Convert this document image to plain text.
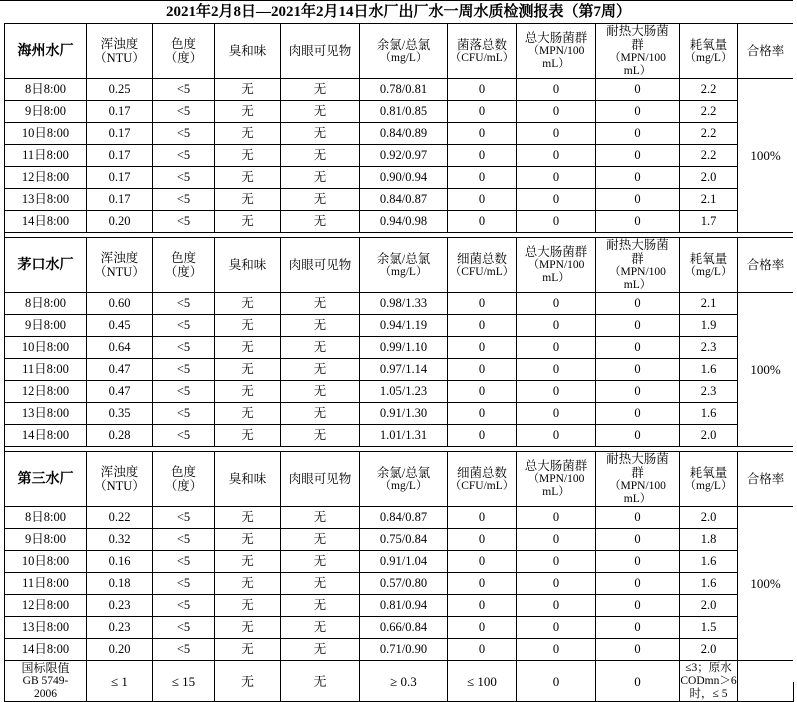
2021年2月8日—2021年2月14日水厂出厂水一周水质检测报表（第7周）
海州水厂	浑浊度
（NTU）	色度
（度）	臭和味	肉眼可见物	余氯/总氯
（mg/L）	菌落总数
（CFU/mL）	总大肠菌群
（MPN/100
mL）	耐热大肠菌
群
（MPN/100
mL）	耗氧量
（mg/L）	合格率

8日8:00	0.25	<5	无	无	0.78/0.81	0	0	0	2.2	100%
9日8:00	0.17	<5	无	无	0.81/0.85	0	0	0	2.2	
10日8:00	0.17	<5	无	无	0.84/0.89	0	0	0	2.2	
11日8:00	0.17	<5	无	无	0.92/0.97	0	0	0	2.2	
12日8:00	0.17	<5	无	无	0.90/0.94	0	0	0	2.0	
13日8:00	0.17	<5	无	无	0.84/0.87	0	0	0	2.1	
14日8:00	0.20	<5	无	无	0.94/0.98	0	0	0	1.7	

茅口水厂	浑浊度
（NTU）	色度
（度）	臭和味	肉眼可见物	余氯/总氯
（mg/L）	细菌总数
（CFU/mL）	总大肠菌群
（MPN/100
mL）	耐热大肠菌
群
（MPN/100
mL）	耗氧量
（mg/L）	合格率

8日8:00	0.60	<5	无	无	0.98/1.33	0	0	0	2.1	100%
9日8:00	0.45	<5	无	无	0.94/1.19	0	0	0	1.9	
10日8:00	0.64	<5	无	无	0.99/1.10	0	0	0	2.3	
11日8:00	0.47	<5	无	无	0.97/1.14	0	0	0	1.6	
12日8:00	0.47	<5	无	无	1.05/1.23	0	0	0	2.3	
13日8:00	0.35	<5	无	无	0.91/1.30	0	0	0	1.6	
14日8:00	0.28	<5	无	无	1.01/1.31	0	0	0	2.0	

第三水厂	浑浊度
（NTU）	色度
（度）	臭和味	肉眼可见物	余氯/总氯
（mg/L）	细菌总数
（CFU/mL）	总大肠菌群
（MPN/100
mL）	耐热大肠菌
群
（MPN/100
mL）	耗氧量
（mg/L）	合格率

8日8:00	0.22	<5	无	无	0.84/0.87	0	0	0	2.0	100%
9日8:00	0.32	<5	无	无	0.75/0.84	0	0	0	1.8	
10日8:00	0.16	<5	无	无	0.91/1.04	0	0	0	1.6	
11日8:00	0.18	<5	无	无	0.57/0.80	0	0	0	1.6	
12日8:00	0.23	<5	无	无	0.81/0.94	0	0	0	2.0	
13日8:00	0.23	<5	无	无	0.66/0.84	0	0	0	1.5	
14日8:00	0.20	<5	无	无	0.71/0.90	0	0	0	2.0	

国标限值
GB 5749-
2006	≤ 1	≤ 15	无	无	≥ 0.3	≤ 100	0	0	≤3；原水
CODmn＞6
时，≤ 5	
